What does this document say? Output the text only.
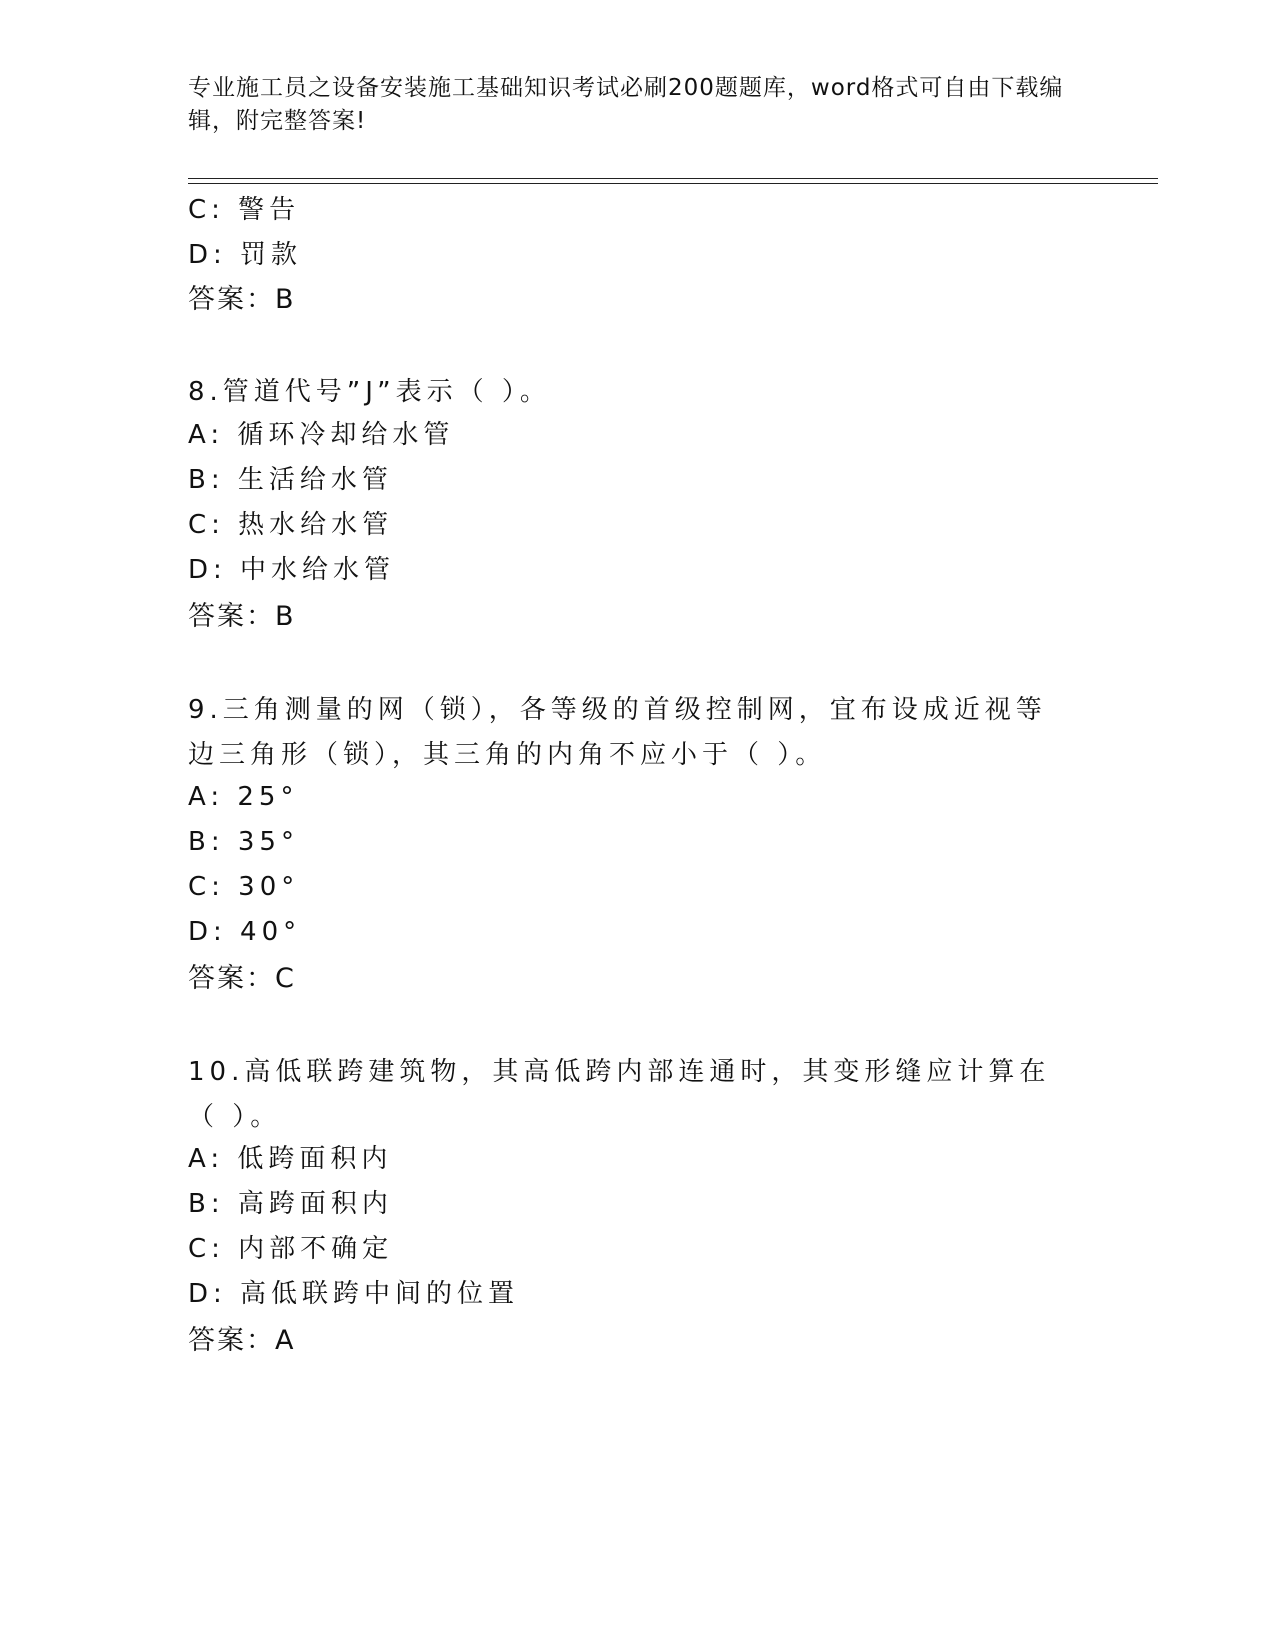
专业施工员之设备安装施工基础知识考试必刷200题题库，word格式可自由下载编辑，附完整答案!
C: 警告
D: 罚款
答案：B
8.管道代号”J”表示（ ）。
A: 循环冷却给水管
B: 生活给水管
C: 热水给水管
D: 中水给水管
答案：B
9.三角测量的网（锁），各等级的首级控制网，宜布设成近视等边三角形（锁），其三角的内角不应小于（ ）。
A: 25°
B: 35°
C: 30°
D: 40°
答案：C
10.高低联跨建筑物，其高低跨内部连通时，其变形缝应计算在（ ）。
A: 低跨面积内
B: 高跨面积内
C: 内部不确定
D: 高低联跨中间的位置
答案：A
